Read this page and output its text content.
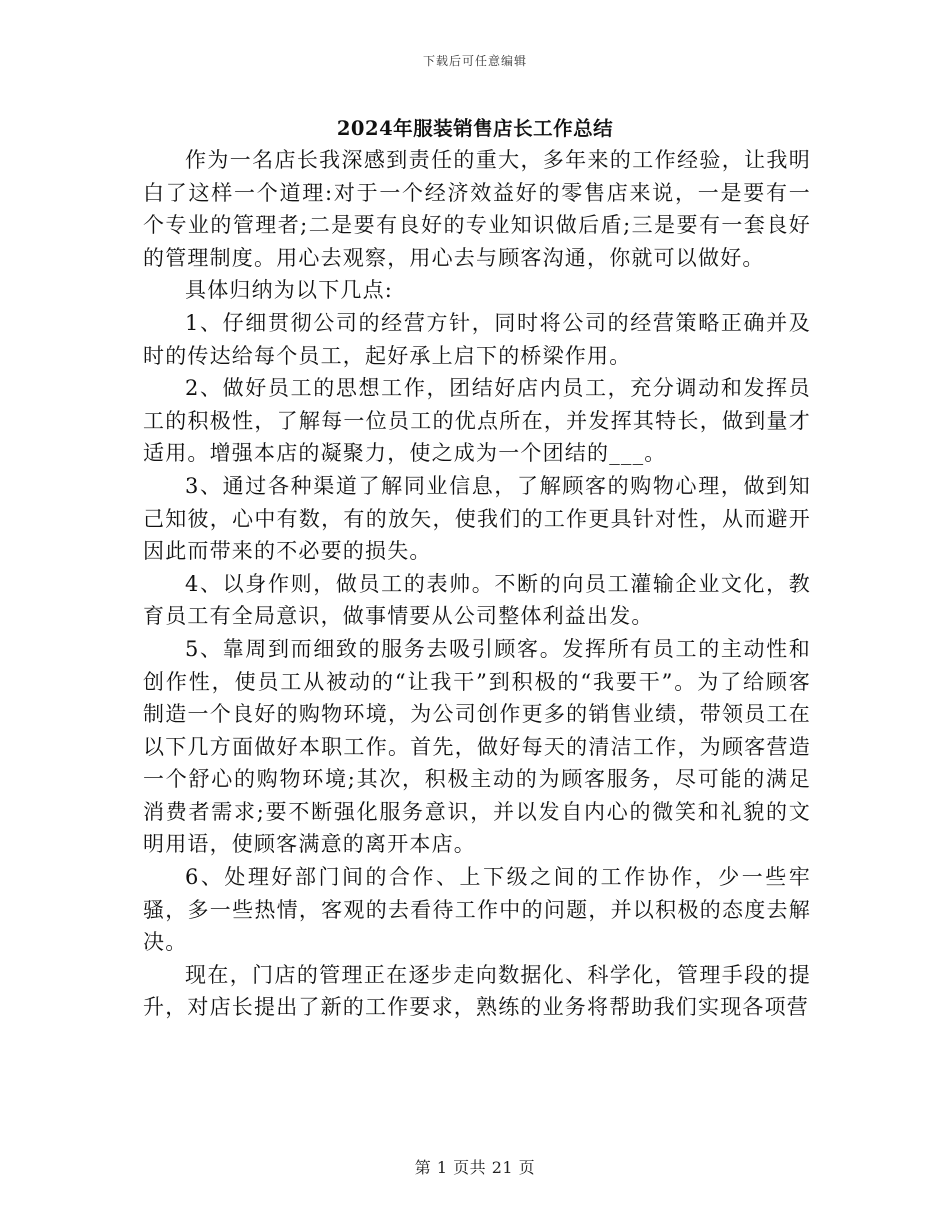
下载后可任意编辑
2024年服装销售店长工作总结

作为一名店长我深感到责任的重大，多年来的工作经验，让我明白了这样一个道理:对于一个经济效益好的零售店来说，一是要有一个专业的管理者;二是要有良好的专业知识做后盾;三是要有一套良好的管理制度。用心去观察，用心去与顾客沟通，你就可以做好。

具体归纳为以下几点:

1、仔细贯彻公司的经营方针，同时将公司的经营策略正确并及时的传达给每个员工，起好承上启下的桥梁作用。

2、做好员工的思想工作，团结好店内员工，充分调动和发挥员工的积极性，了解每一位员工的优点所在，并发挥其特长，做到量才适用。增强本店的凝聚力，使之成为一个团结的___。

3、通过各种渠道了解同业信息，了解顾客的购物心理，做到知己知彼，心中有数，有的放矢，使我们的工作更具针对性，从而避开因此而带来的不必要的损失。

4、以身作则，做员工的表帅。不断的向员工灌输企业文化，教育员工有全局意识，做事情要从公司整体利益出发。

5、靠周到而细致的服务去吸引顾客。发挥所有员工的主动性和创作性，使员工从被动的“让我干”到积极的“我要干”。为了给顾客制造一个良好的购物环境，为公司创作更多的销售业绩，带领员工在以下几方面做好本职工作。首先，做好每天的清洁工作，为顾客营造一个舒心的购物环境;其次，积极主动的为顾客服务，尽可能的满足消费者需求;要不断强化服务意识，并以发自内心的微笑和礼貌的文明用语，使顾客满意的离开本店。

6、处理好部门间的合作、上下级之间的工作协作，少一些牢骚，多一些热情，客观的去看待工作中的问题，并以积极的态度去解决。

现在，门店的管理正在逐步走向数据化、科学化，管理手段的提升，对店长提出了新的工作要求，熟练的业务将帮助我们实现各项营

第 1 页共 21 页
